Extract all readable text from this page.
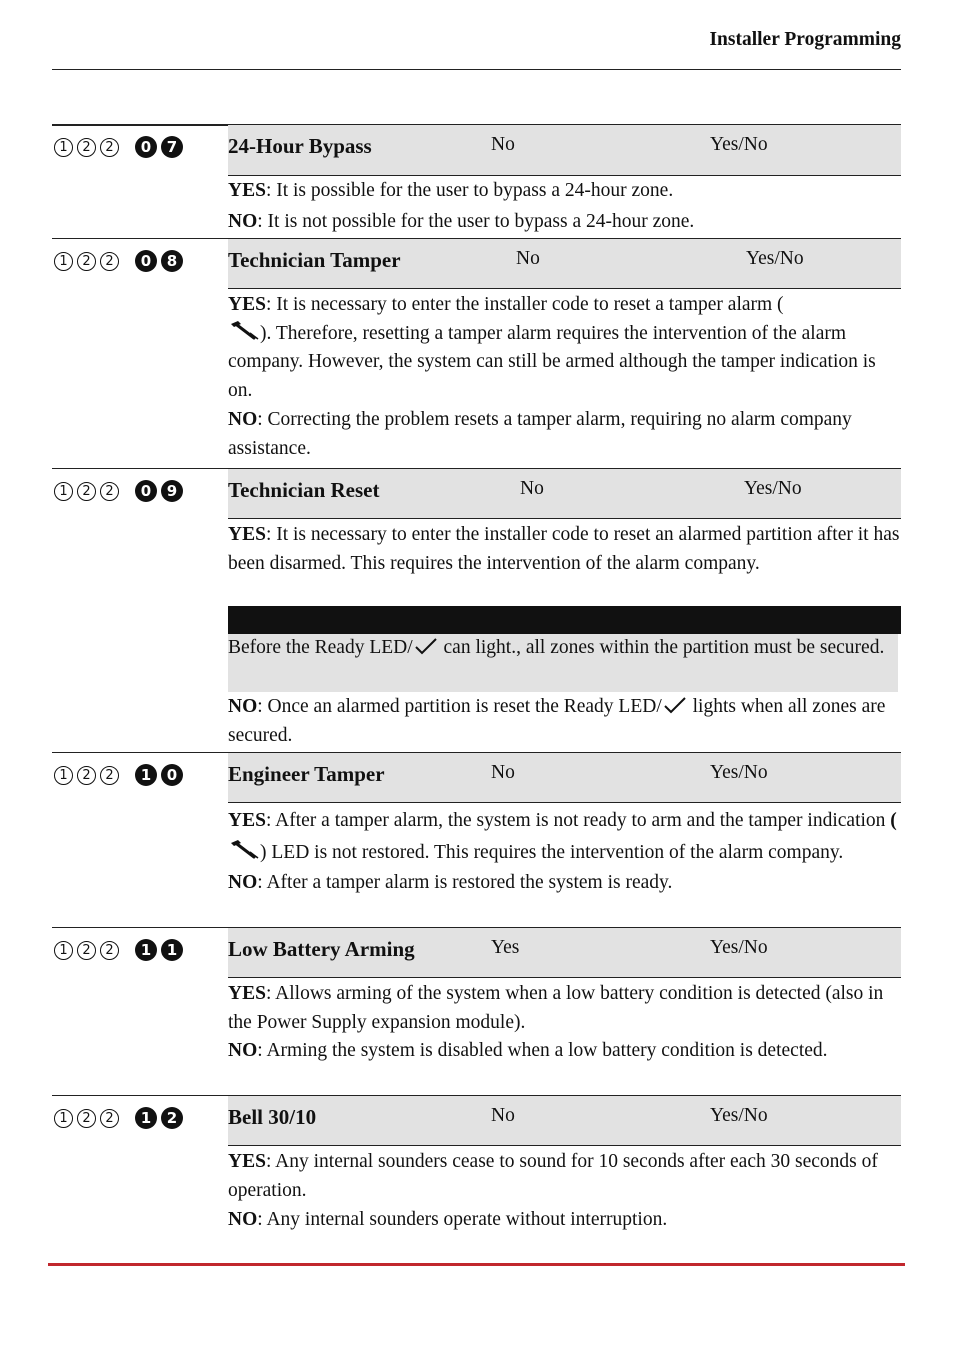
Installer Programming
1	2	2	0	7 24-Hour Bypass	No	Yes/No

YES: It is possible for the user to bypass a 24-hour zone.

NO: It is not possible for the user to bypass a 24-hour zone.

1	2	2	0	8 Technician Tamper	No	Yes/No

YES: It is necessary to enter the installer code to reset a tamper alarm (
). Therefore, resetting a tamper alarm requires the intervention of the alarm company. However, the system can still be armed although the tamper indication is on.

NO: Correcting the problem resets a tamper alarm, requiring no alarm company assistance.

1	2	2	0	9 Technician Reset	No	Yes/No

YES: It is necessary to enter the installer code to reset an alarmed partition after it has been disarmed. This requires the intervention of the alarm company.

Before the Ready LED/ can light., all zones within the partition must be secured.

NO: Once an alarmed partition is reset the Ready LED/ lights when all zones are secured.

1	2	2	1	0 Engineer Tamper	No	Yes/No

YES: After a tamper alarm, the system is not ready to arm and the tamper indication () LED is not restored. This requires the intervention of the alarm company.

NO: After a tamper alarm is restored the system is ready.

1	2	2	1	1 Low Battery Arming	Yes	Yes/No

YES: Allows arming of the system when a low battery condition is detected (also in the Power Supply expansion module).

NO: Arming the system is disabled when a low battery condition is detected.

1	2	2	1	2 Bell 30/10	No	Yes/No

YES: Any internal sounders cease to sound for 10 seconds after each 30 seconds of operation.

NO: Any internal sounders operate without interruption.
